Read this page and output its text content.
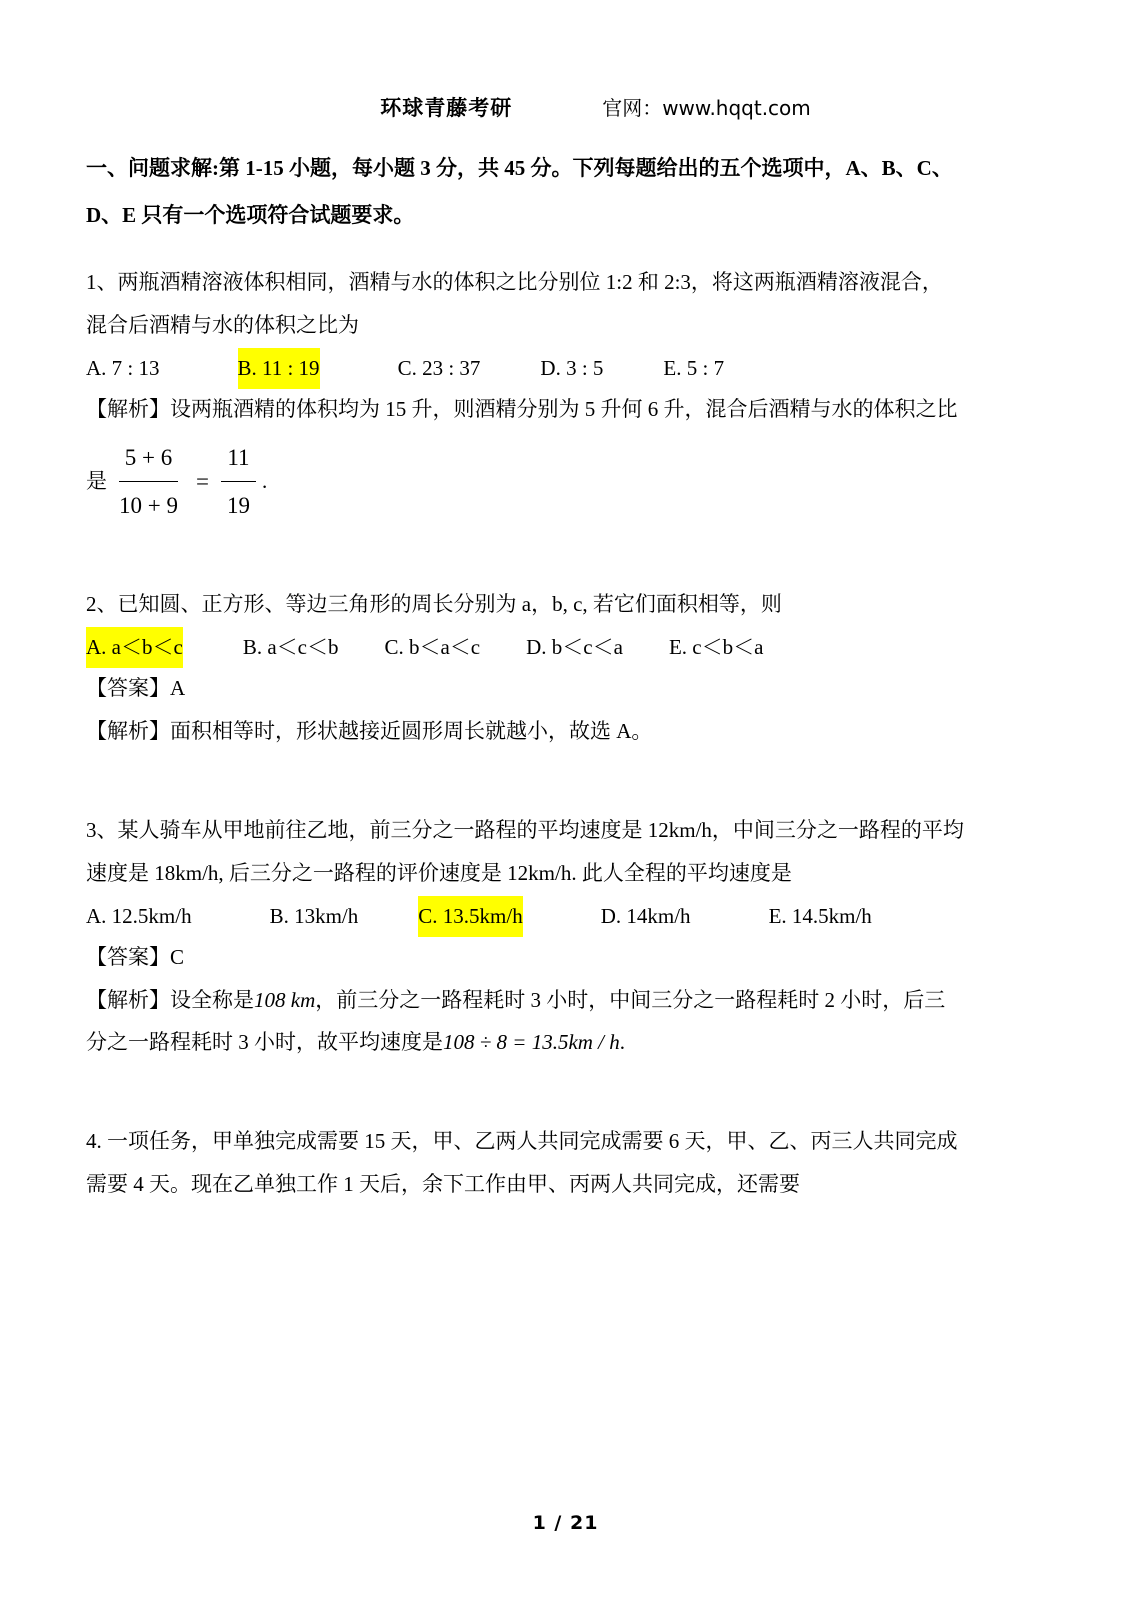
环球青藤考研	官网：www.hqqt.com
一、问题求解:第 1-15 小题，每小题 3 分，共 45 分。下列每题给出的五个选项中，A、B、C、
D、E 只有一个选项符合试题要求。

1、两瓶酒精溶液体积相同，酒精与水的体积之比分别位 1:2 和 2:3，将这两瓶酒精溶液混合，

混合后酒精与水的体积之比为

A. 7 : 13	B. 11 : 19	C. 23 : 37	D. 3 : 5	E. 5 : 7

【解析】设两瓶酒精的体积均为 15 升，则酒精分别为 5 升何 6 升，混合后酒精与水的体积之比

是 $\frac{5 + 6}{10 + 9} = \frac{11}{19}$ .

2、已知圆、正方形、等边三角形的周长分别为 a，b, c, 若它们面积相等，则

A. a＜b＜c	B. a＜c＜b C. b＜a＜c D. b＜c＜a E. c＜b＜a

【答案】A

【解析】面积相等时，形状越接近圆形周长就越小，故选 A。

3、某人骑车从甲地前往乙地，前三分之一路程的平均速度是 12km/h，中间三分之一路程的平均

速度是 18km/h, 后三分之一路程的评价速度是 12km/h. 此人全程的平均速度是

A. 12.5km/h	B. 13km/h	C. 13.5km/h	D. 14km/h	E. 14.5km/h

【答案】C

【解析】设全称是108 km，前三分之一路程耗时 3 小时，中间三分之一路程耗时 2 小时，后三

分之一路程耗时 3 小时，故平均速度是108 ÷ 8 = 13.5km / h.

4. 一项任务，甲单独完成需要 15 天，甲、乙两人共同完成需要 6 天，甲、乙、丙三人共同完成

需要 4 天。现在乙单独工作 1 天后，余下工作由甲、丙两人共同完成，还需要

1 / 21
